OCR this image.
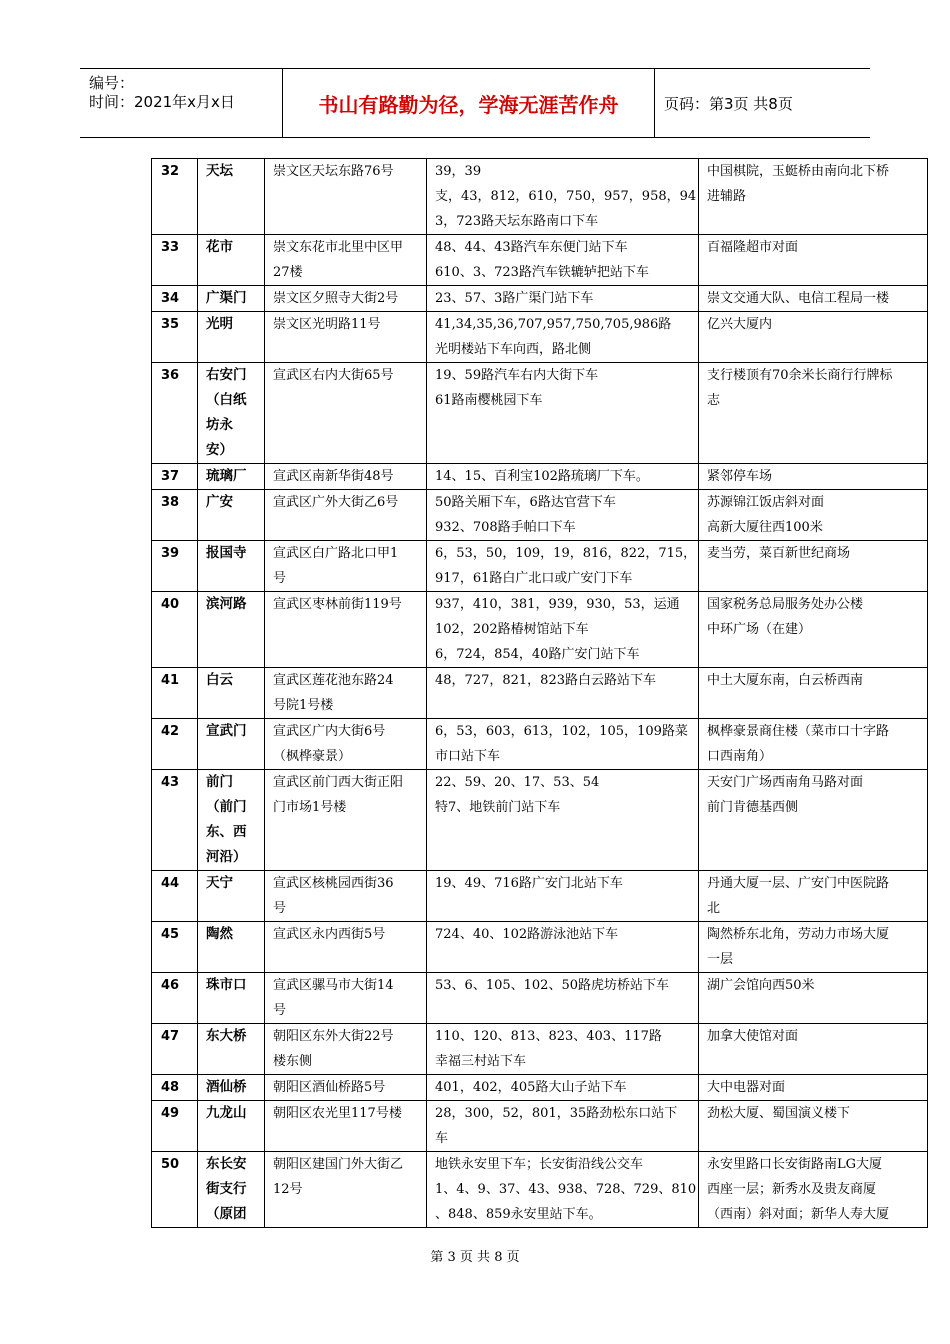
编号：
时间：2021年x月x日	书山有路勤为径，学海无涯苦作舟	页码：第3页 共8页
32	天坛	崇文区天坛东路76号	39，39
支，43，812，610，750，957，958，94
3，723路天坛东路南口下车	中国棋院，玉蜓桥由南向北下桥
进辅路

33	花市	崇文东花市北里中区甲
27楼	48、44、43路汽车东便门站下车
610、3、723路汽车铁辘轳把站下车	百福隆超市对面

34	广渠门	崇文区夕照寺大街2号	23、57、3路广渠门站下车	崇文交通大队、电信工程局一楼

35	光明	崇文区光明路11号	41,34,35,36,707,957,750,705,986路
光明楼站下车向西，路北侧	亿兴大厦内

36	右安门
（白纸
坊永
安）	宣武区右内大街65号	19、59路汽车右内大街下车
61路南樱桃园下车	支行楼顶有70余米长商行行牌标
志

37	琉璃厂	宣武区南新华街48号	14、15、百利宝102路琉璃厂下车。	紧邻停车场

38	广安	宣武区广外大街乙6号	50路关厢下车，6路达官营下车
932、708路手帕口下车	苏源锦江饭店斜对面
高新大厦往西100米

39	报国寺	宣武区白广路北口甲1
号	6，53，50，109，19，816，822，715，
917，61路白广北口或广安门下车	麦当劳，菜百新世纪商场

40	滨河路	宣武区枣林前街119号	937，410，381，939，930，53，运通
102，202路椿树馆站下车
6，724，854，40路广安门站下车	国家税务总局服务处办公楼
中环广场（在建）

41	白云	宣武区莲花池东路24
号院1号楼	48，727，821，823路白云路站下车	中土大厦东南，白云桥西南

42	宣武门	宣武区广内大街6号
（枫桦豪景）	6，53，603，613，102，105，109路菜
市口站下车	枫桦豪景商住楼（菜市口十字路
口西南角）

43	前门
（前门
东、西
河沿）	宣武区前门西大街正阳
门市场1号楼	22、59、20、17、53、54
特7、地铁前门站下车	天安门广场西南角马路对面
前门肯德基西侧

44	天宁	宣武区核桃园西街36
号	19、49、716路广安门北站下车	丹通大厦一层、广安门中医院路
北

45	陶然	宣武区永内西街5号	724、40、102路游泳池站下车	陶然桥东北角，劳动力市场大厦
一层

46	珠市口	宣武区骡马市大街14
号	53、6、105、102、50路虎坊桥站下车	湖广会馆向西50米

47	东大桥	朝阳区东外大街22号
楼东侧	110、120、813、823、403、117路
幸福三村站下车	加拿大使馆对面

48	酒仙桥	朝阳区酒仙桥路5号	401，402，405路大山子站下车	大中电器对面

49	九龙山	朝阳区农光里117号楼	28，300，52，801，35路劲松东口站下
车	劲松大厦、蜀国演义楼下

50	东长安
街支行
（原团	朝阳区建国门外大街乙
12号	地铁永安里下车；长安街沿线公交车
1、4、9、37、43、938、728、729、810
、848、859永安里站下车。	永安里路口长安街路南LG大厦
西座一层；新秀水及贵友商厦
（西南）斜对面；新华人寿大厦
第 3 页 共 8 页
